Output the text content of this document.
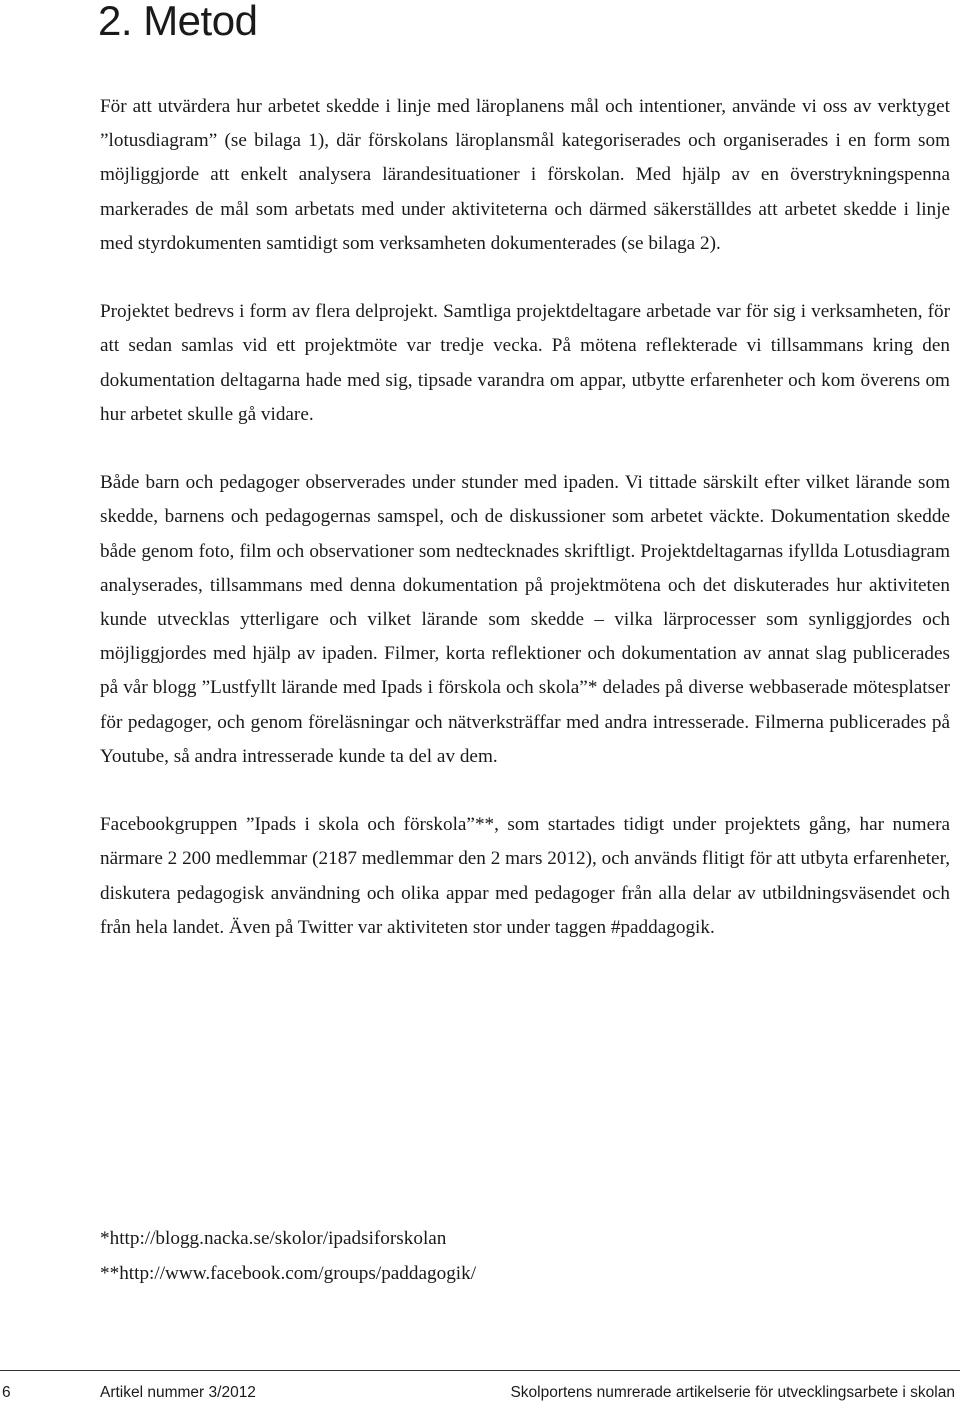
2. Metod

För att utvärdera hur arbetet skedde i linje med läroplanens mål och intentioner, använde vi oss av verktyget ”lotusdiagram” (se bilaga 1), där förskolans läroplansmål kategoriserades och organiserades i en form som möjliggjorde att enkelt analysera lärandesituationer i förskolan. Med hjälp av en överstrykningspenna markerades de mål som arbetats med under aktiviteterna och därmed säkerställdes att arbetet skedde i linje med styrdokumenten samtidigt som verksamheten dokumenterades (se bilaga 2).

Projektet bedrevs i form av flera delprojekt. Samtliga projektdeltagare arbetade var för sig i verksamheten, för att sedan samlas vid ett projektmöte var tredje vecka. På mötena reflekterade vi tillsammans kring den dokumentation deltagarna hade med sig, tipsade varandra om appar, utbytte erfarenheter och kom överens om hur arbetet skulle gå vidare.

Både barn och pedagoger observerades under stunder med ipaden. Vi tittade särskilt efter vilket lärande som skedde, barnens och pedagogernas samspel, och de diskussioner som arbetet väckte. Dokumentation skedde både genom foto, film och observationer som nedtecknades skriftligt. Projektdeltagarnas ifyllda Lotusdiagram analyserades, tillsammans med denna dokumentation på projektmötena och det diskuterades hur aktiviteten kunde utvecklas ytterligare och vilket lärande som skedde – vilka lärprocesser som synliggjordes och möjliggjordes med hjälp av ipaden. Filmer, korta reflektioner och dokumentation av annat slag publicerades på vår blogg ”Lustfyllt lärande med Ipads i förskola och skola”* delades på diverse webbaserade mötesplatser för pedagoger, och genom föreläsningar och nätverksträffar med andra intresserade. Filmerna publicerades på Youtube, så andra intresserade kunde ta del av dem.

Facebookgruppen ”Ipads i skola och förskola”**, som startades tidigt under projektets gång, har numera närmare 2 200 medlemmar (2187 medlemmar den 2 mars 2012), och används flitigt för att utbyta erfarenheter, diskutera pedagogisk användning och olika appar med pedagoger från alla delar av utbildningsväsendet och från hela landet. Även på Twitter var aktiviteten stor under taggen #paddagogik.

*http://blogg.nacka.se/skolor/ipadsiforskolan
**http://www.facebook.com/groups/paddagogik/
6	Artikel nummer 3/2012	Skolportens numrerade artikelserie för utvecklingsarbete i skolan
